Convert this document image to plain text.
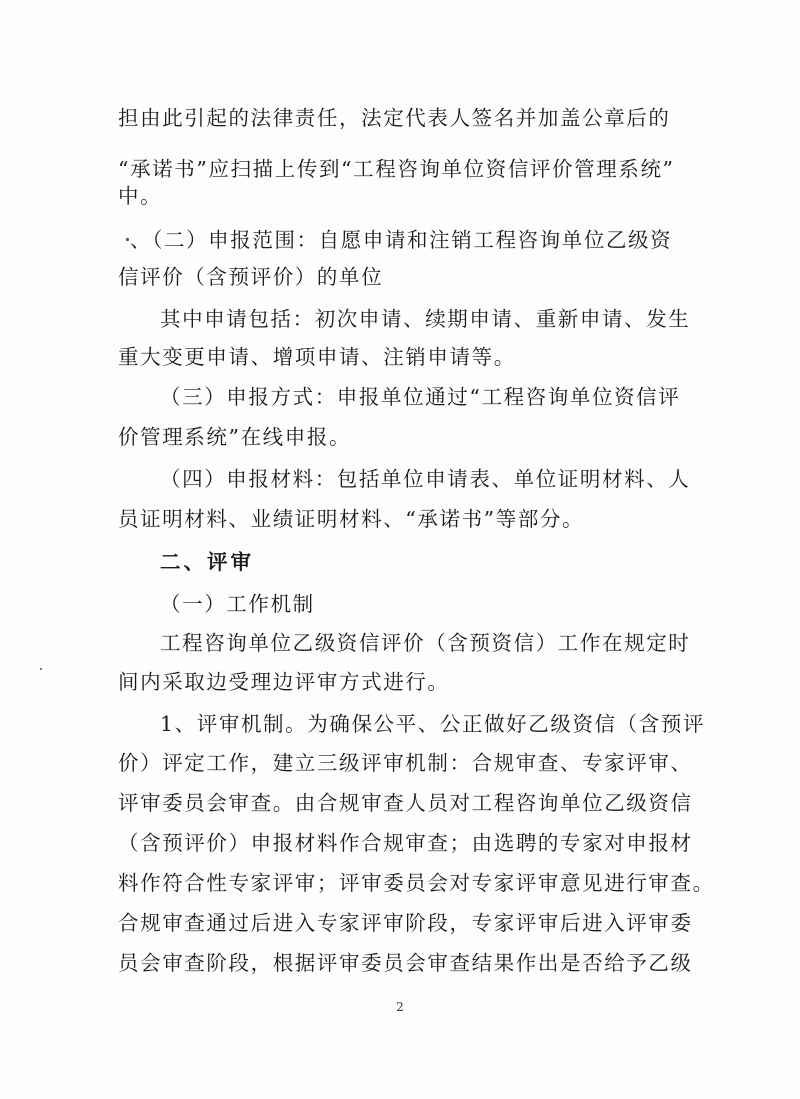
担由此引起的法律责任，法定代表人签名并加盖公章后的
“承诺书”应扫描上传到“工程咨询单位资信评价管理系统”
中。
、（二）申报范围：自愿申请和注销工程咨询单位乙级资
信评价（含预评价）的单位
其中申请包括：初次申请、续期申请、重新申请、发生
重大变更申请、增项申请、注销申请等。
（三）申报方式：申报单位通过“工程咨询单位资信评
价管理系统”在线申报。
（四）申报材料：包括单位申请表、单位证明材料、人
员证明材料、业绩证明材料、“承诺书”等部分。
二、评审
（一）工作机制
工程咨询单位乙级资信评价（含预资信）工作在规定时
间内采取边受理边评审方式进行。
1、评审机制。为确保公平、公正做好乙级资信（含预评
价）评定工作，建立三级评审机制：合规审查、专家评审、
评审委员会审查。由合规审查人员对工程咨询单位乙级资信
（含预评价）申报材料作合规审查；由选聘的专家对申报材
料作符合性专家评审；评审委员会对专家评审意见进行审查。
合规审查通过后进入专家评审阶段，专家评审后进入评审委
员会审查阶段，根据评审委员会审查结果作出是否给予乙级
2
